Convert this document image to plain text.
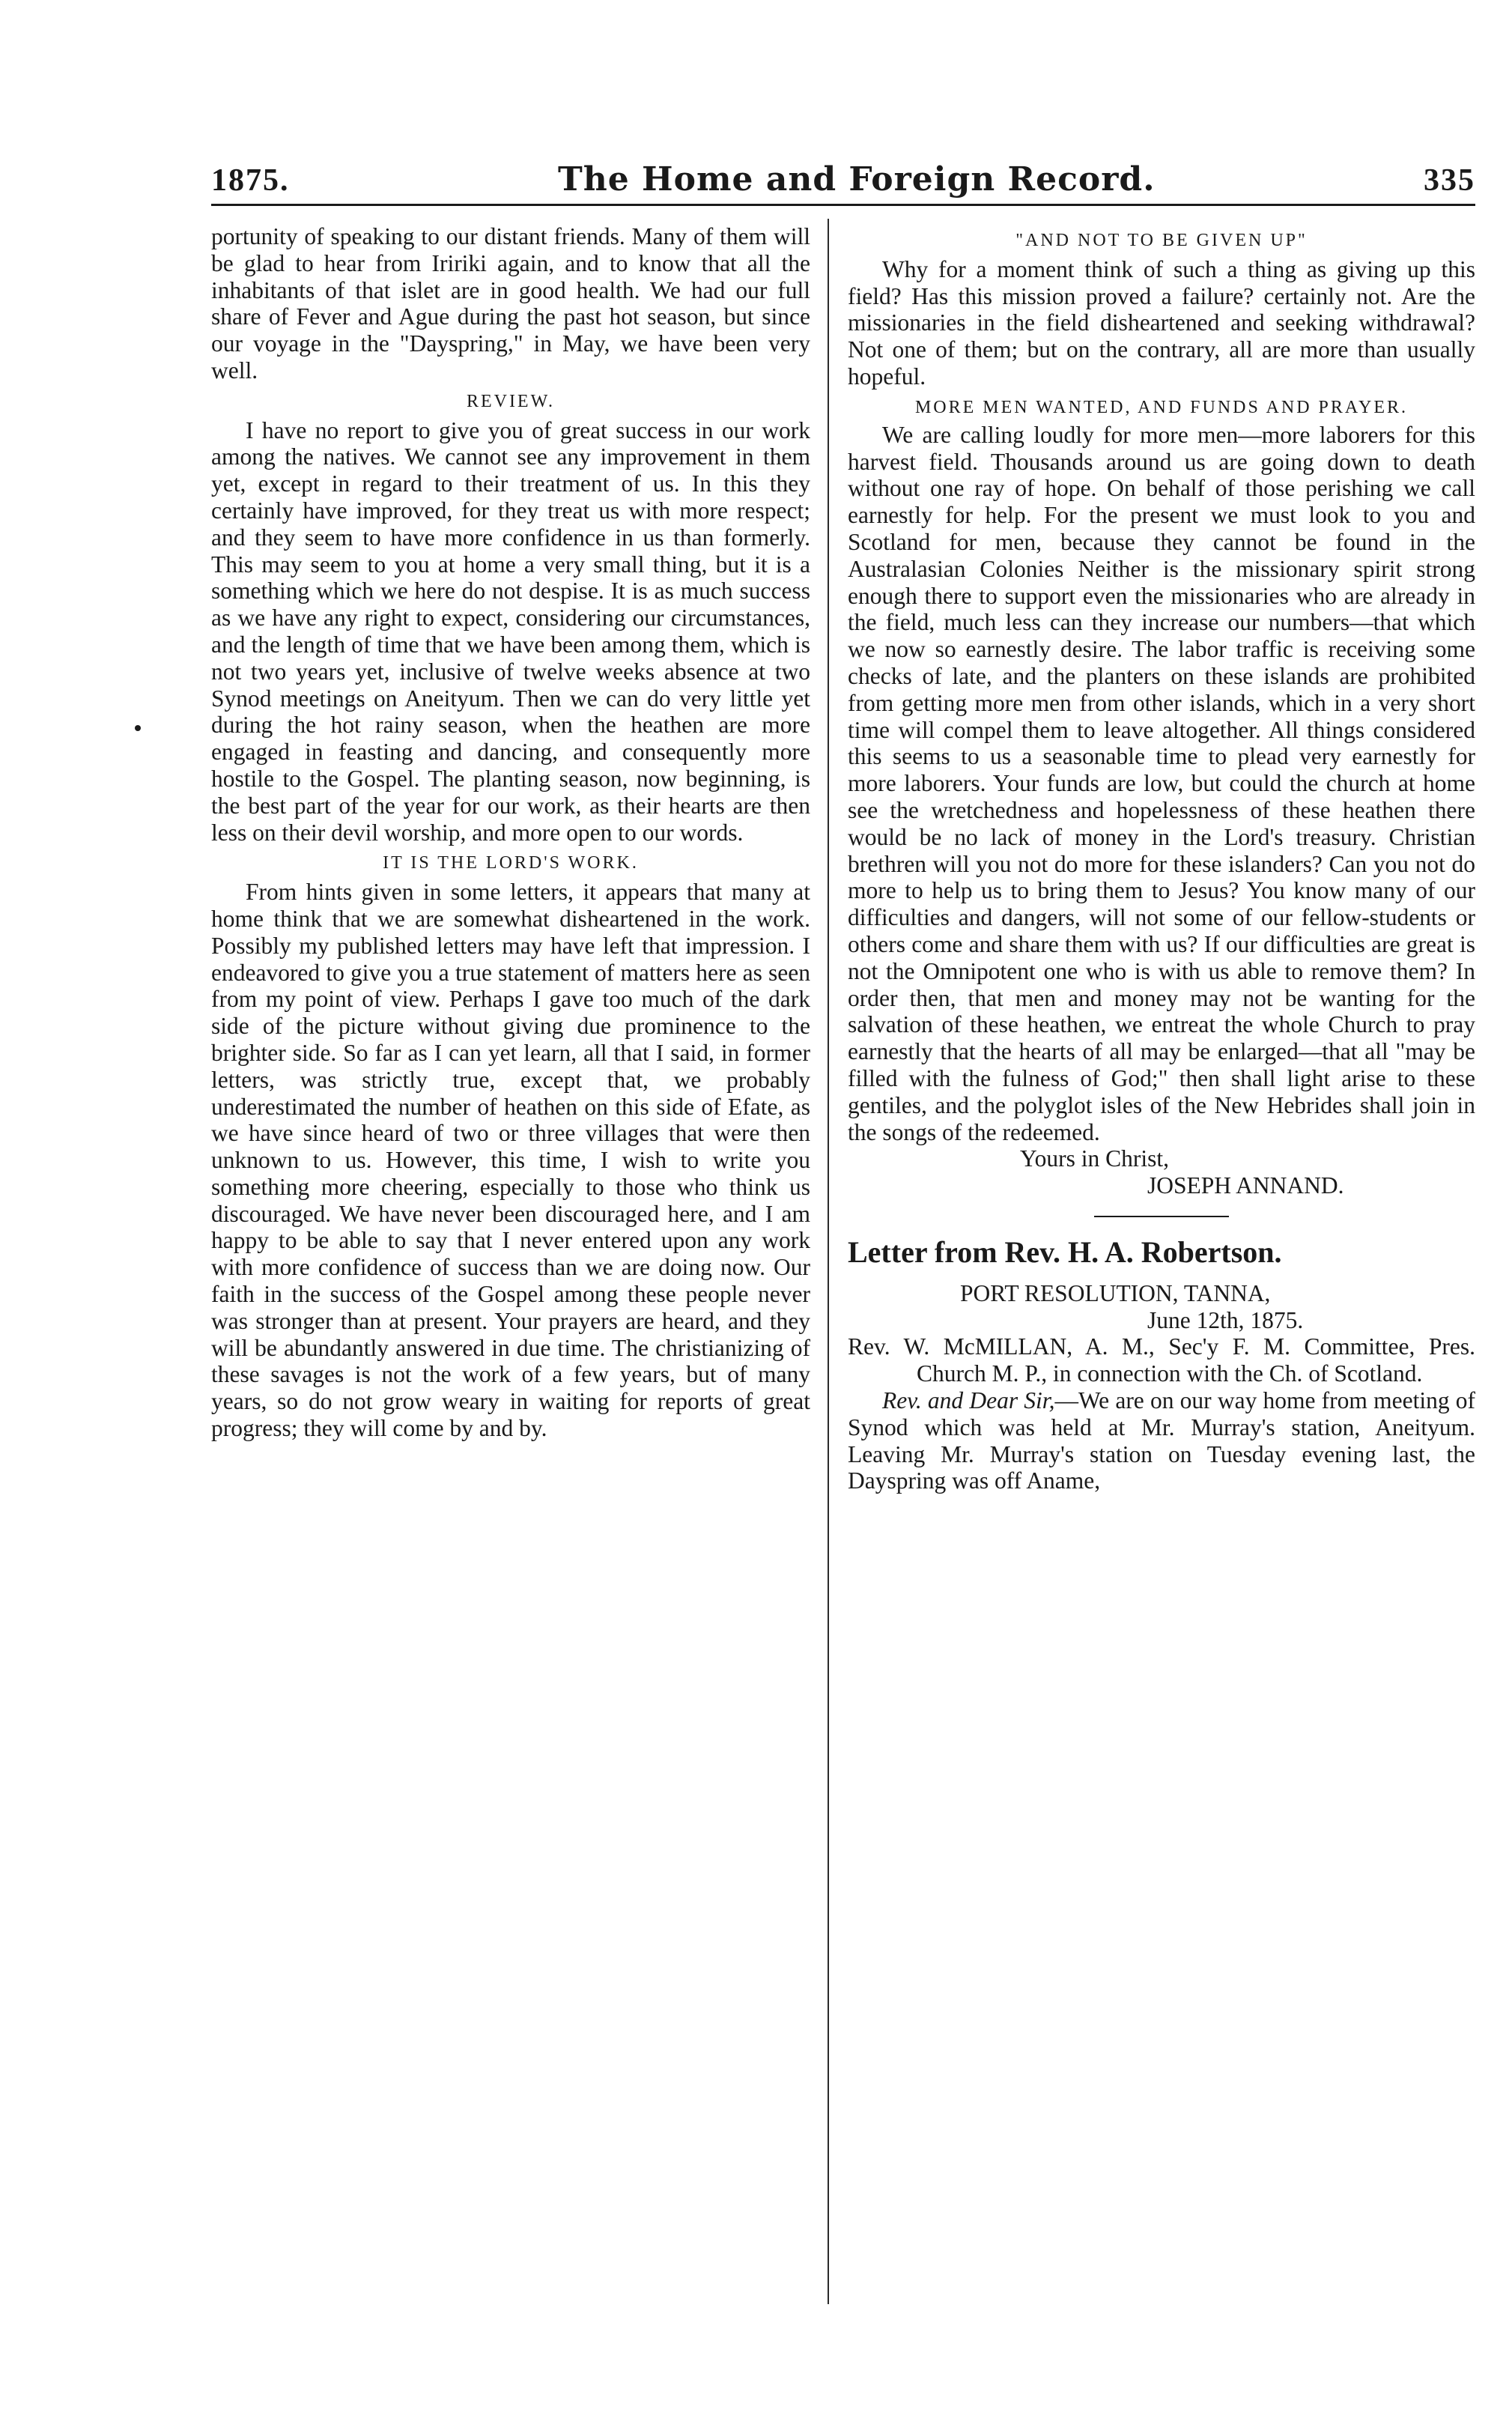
1875.	The Home and Foreign Record.	335

portunity of speaking to our distant friends. Many of them will be glad to hear from Iririki again, and to know that all the inhabitants of that islet are in good health. We had our full share of Fever and Ague during the past hot season, but since our voyage in the "Dayspring," in May, we have been very well.

REVIEW.

I have no report to give you of great success in our work among the natives. We cannot see any improvement in them yet, except in regard to their treatment of us. In this they certainly have improved, for they treat us with more respect; and they seem to have more confidence in us than formerly. This may seem to you at home a very small thing, but it is a something which we here do not despise. It is as much success as we have any right to expect, considering our circumstances, and the length of time that we have been among them, which is not two years yet, inclusive of twelve weeks absence at two Synod meetings on Aneityum. Then we can do very little yet during the hot rainy season, when the heathen are more engaged in feasting and dancing, and consequently more hostile to the Gospel. The planting season, now beginning, is the best part of the year for our work, as their hearts are then less on their devil worship, and more open to our words.

IT IS THE LORD'S WORK.

From hints given in some letters, it appears that many at home think that we are somewhat disheartened in the work. Possibly my published letters may have left that impression. I endeavored to give you a true statement of matters here as seen from my point of view. Perhaps I gave too much of the dark side of the picture without giving due prominence to the brighter side. So far as I can yet learn, all that I said, in former letters, was strictly true, except that, we probably underestimated the number of heathen on this side of Efate, as we have since heard of two or three villages that were then unknown to us. However, this time, I wish to write you something more cheering, especially to those who think us discouraged. We have never been discouraged here, and I am happy to be able to say that I never entered upon any work with more confidence of success than we are doing now. Our faith in the success of the Gospel among these people never was stronger than at present. Your prayers are heard, and they will be abundantly answered in due time. The christianizing of these savages is not the work of a few years, but of many years, so do not grow weary in waiting for reports of great progress; they will come by and by.

"AND NOT TO BE GIVEN UP"

Why for a moment think of such a thing as giving up this field? Has this mission proved a failure? certainly not. Are the missionaries in the field disheartened and seeking withdrawal? Not one of them; but on the contrary, all are more than usually hopeful.

MORE MEN WANTED, AND FUNDS AND PRAYER.

We are calling loudly for more men—more laborers for this harvest field. Thousands around us are going down to death without one ray of hope. On behalf of those perishing we call earnestly for help. For the present we must look to you and Scotland for men, because they cannot be found in the Australasian Colonies Neither is the missionary spirit strong enough there to support even the missionaries who are already in the field, much less can they increase our numbers—that which we now so earnestly desire. The labor traffic is receiving some checks of late, and the planters on these islands are prohibited from getting more men from other islands, which in a very short time will compel them to leave altogether. All things considered this seems to us a seasonable time to plead very earnestly for more laborers. Your funds are low, but could the church at home see the wretchedness and hopelessness of these heathen there would be no lack of money in the Lord's treasury. Christian brethren will you not do more for these islanders? Can you not do more to help us to bring them to Jesus? You know many of our difficulties and dangers, will not some of our fellow-students or others come and share them with us? If our difficulties are great is not the Omnipotent one who is with us able to remove them? In order then, that men and money may not be wanting for the salvation of these heathen, we entreat the whole Church to pray earnestly that the hearts of all may be enlarged—that all "may be filled with the fulness of God;" then shall light arise to these gentiles, and the polyglot isles of the New Hebrides shall join in the songs of the redeemed.

Yours in Christ,

JOSEPH ANNAND.

Letter from Rev. H. A. Robertson.

PORT RESOLUTION, TANNA,

June 12th, 1875.

Rev. W. McMILLAN, A. M., Sec'y F. M. Committee, Pres. Church M. P., in connection with the Ch. of Scotland.

Rev. and Dear Sir,—We are on our way home from meeting of Synod which was held at Mr. Murray's station, Aneityum. Leaving Mr. Murray's station on Tuesday evening last, the Dayspring was off Aname,
